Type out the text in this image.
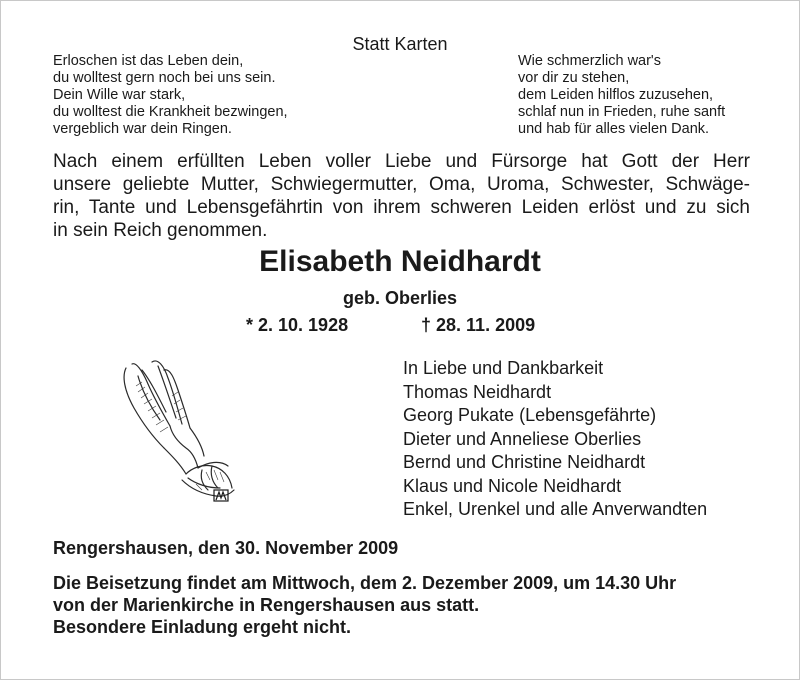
Statt Karten
Erloschen ist das Leben dein,
du wolltest gern noch bei uns sein.
Dein Wille war stark,
du wolltest die Krankheit bezwingen,
vergeblich war dein Ringen.
Wie schmerzlich war's
vor dir zu stehen,
dem Leiden hilflos zuzusehen,
schlaf nun in Frieden, ruhe sanft
und hab für alles vielen Dank.
Nach einem erfüllten Leben voller Liebe und Fürsorge hat Gott der Herr
unsere geliebte Mutter, Schwiegermutter, Oma, Uroma, Schwester, Schwäge-
rin, Tante und Lebensgefährtin von ihrem schweren Leiden erlöst und zu sich
in sein Reich genommen.
Elisabeth Neidhardt
geb. Oberlies
* 2. 10. 1928	† 28. 11. 2009
In Liebe und Dankbarkeit
Thomas Neidhardt
Georg Pukate (Lebensgefährte)
Dieter und Anneliese Oberlies
Bernd und Christine Neidhardt
Klaus und Nicole Neidhardt
Enkel, Urenkel und alle Anverwandten
Rengershausen, den 30. November 2009
Die Beisetzung findet am Mittwoch, dem 2. Dezember 2009, um 14.30 Uhr
von der Marienkirche in Rengershausen aus statt.
Besondere Einladung ergeht nicht.
